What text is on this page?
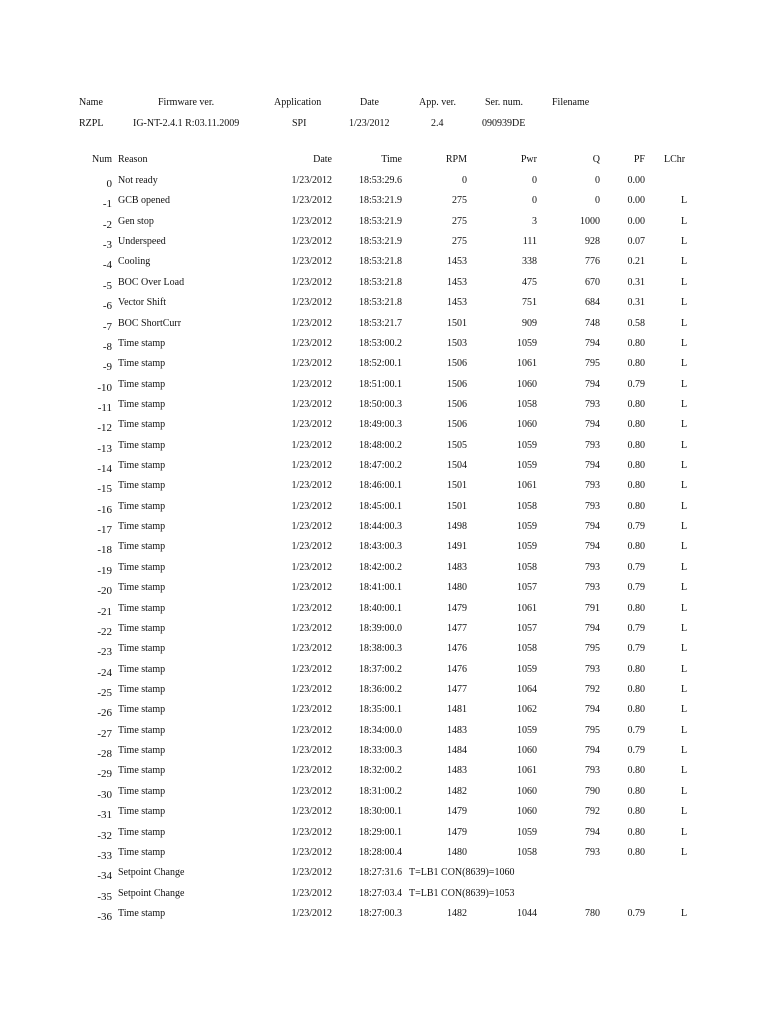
Name	Firmware ver.	Application	Date	App. ver.	Ser. num.	Filename
RZPL	IG-NT-2.4.1 R:03.11.2009	SPI	1/23/2012	2.4	090939DE
Num Reason	Date	Time	RPM	Pwr	Q	PF LChr
0 Not ready	1/23/2012	18:53:29.6	0	0	0	0.00
-1 GCB opened	1/23/2012	18:53:21.9	275	0	0	0.00	L
-2 Gen stop	1/23/2012	18:53:21.9	275	3	1000	0.00	L
-3 Underspeed	1/23/2012	18:53:21.9	275	111	928	0.07	L
-4 Cooling	1/23/2012	18:53:21.8	1453	338	776	0.21	L
-5 BOC Over Load	1/23/2012	18:53:21.8	1453	475	670	0.31	L
-6 Vector Shift	1/23/2012	18:53:21.8	1453	751	684	0.31	L
-7 BOC ShortCurr	1/23/2012	18:53:21.7	1501	909	748	0.58	L
-8 Time stamp	1/23/2012	18:53:00.2	1503	1059	794	0.80	L
-9 Time stamp	1/23/2012	18:52:00.1	1506	1061	795	0.80	L
-10 Time stamp	1/23/2012	18:51:00.1	1506	1060	794	0.79	L
-11 Time stamp	1/23/2012	18:50:00.3	1506	1058	793	0.80	L
-12 Time stamp	1/23/2012	18:49:00.3	1506	1060	794	0.80	L
-13 Time stamp	1/23/2012	18:48:00.2	1505	1059	793	0.80	L
-14 Time stamp	1/23/2012	18:47:00.2	1504	1059	794	0.80	L
-15 Time stamp	1/23/2012	18:46:00.1	1501	1061	793	0.80	L
-16 Time stamp	1/23/2012	18:45:00.1	1501	1058	793	0.80	L
-17 Time stamp	1/23/2012	18:44:00.3	1498	1059	794	0.79	L
-18 Time stamp	1/23/2012	18:43:00.3	1491	1059	794	0.80	L
-19 Time stamp	1/23/2012	18:42:00.2	1483	1058	793	0.79	L
-20 Time stamp	1/23/2012	18:41:00.1	1480	1057	793	0.79	L
-21 Time stamp	1/23/2012	18:40:00.1	1479	1061	791	0.80	L
-22 Time stamp	1/23/2012	18:39:00.0	1477	1057	794	0.79	L
-23 Time stamp	1/23/2012	18:38:00.3	1476	1058	795	0.79	L
-24 Time stamp	1/23/2012	18:37:00.2	1476	1059	793	0.80	L
-25 Time stamp	1/23/2012	18:36:00.2	1477	1064	792	0.80	L
-26 Time stamp	1/23/2012	18:35:00.1	1481	1062	794	0.80	L
-27 Time stamp	1/23/2012	18:34:00.0	1483	1059	795	0.79	L
-28 Time stamp	1/23/2012	18:33:00.3	1484	1060	794	0.79	L
-29 Time stamp	1/23/2012	18:32:00.2	1483	1061	793	0.80	L
-30 Time stamp	1/23/2012	18:31:00.2	1482	1060	790	0.80	L
-31 Time stamp	1/23/2012	18:30:00.1	1479	1060	792	0.80	L
-32 Time stamp	1/23/2012	18:29:00.1	1479	1059	794	0.80	L
-33 Time stamp	1/23/2012	18:28:00.4	1480	1058	793	0.80	L
-34 Setpoint Change	1/23/2012	18:27:31.6 T=LB1 CON(8639)=1060
-35 Setpoint Change	1/23/2012	18:27:03.4 T=LB1 CON(8639)=1053
-36 Time stamp	1/23/2012	18:27:00.3	1482	1044	780	0.79	L
